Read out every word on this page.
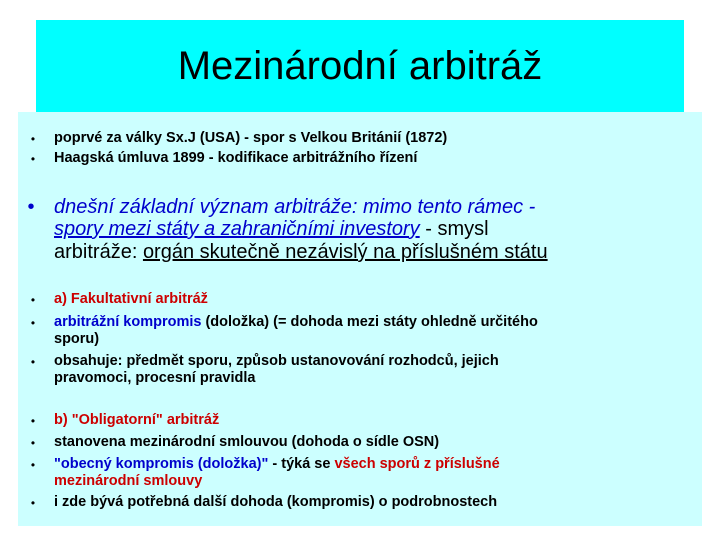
Mezinárodní arbitráž
•	poprvé za války Sx.J (USA) - spor s Velkou Británií (1872)
•	Haagská úmluva 1899 - kodifikace arbitrážního řízení
• dnešní základní význam arbitráže: mimo tento rámec -
spory mezi státy a zahraničními investory - smysl
arbitráže: orgán skutečně nezávislý na příslušném státu
•	a) Fakultativní arbitráž
•	arbitrážní kompromis (doložka) (= dohoda mezi státy ohledně určitého
sporu)
•	obsahuje: předmět sporu, způsob ustanovování rozhodců, jejich
pravomoci, procesní pravidla
•	b) "Obligatorní" arbitráž
•	stanovena mezinárodní smlouvou (dohoda o sídle OSN)
•	"obecný kompromis (doložka)" - týká se všech sporů z příslušné
mezinárodní smlouvy
•	i zde bývá potřebná další dohoda (kompromis) o podrobnostech
